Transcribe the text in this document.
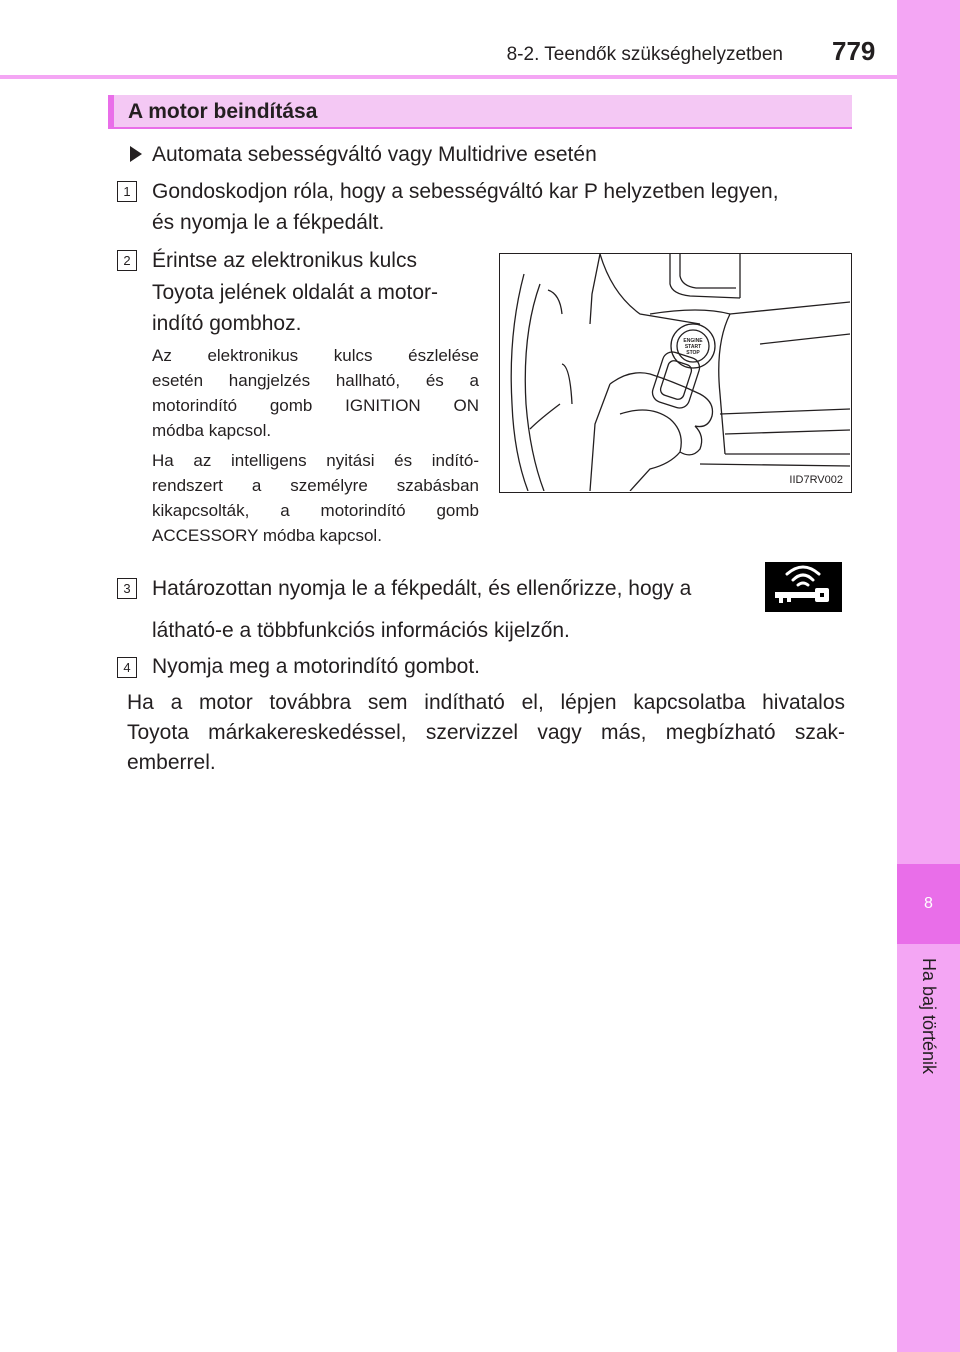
8
Ha baj történik
8-2. Teendők szükséghelyzetben 779
A motor beindítása
Automata sebességváltó vagy Multidrive esetén
1	Gondoskodjon róla, hogy a sebességváltó kar P helyzetben legyen,
és nyomja le a fékpedált.
2	Érintse az elektronikus kulcs
Toyota jelének oldalát a motor-
indító gombhoz.
Az elektronikus kulcs észlelése
esetén hangjelzés hallható, és a
motorindító gomb IGNITION ON
módba kapcsol.
Ha az intelligens nyitási és indító-
rendszert a személyre szabásban
kikapcsolták, a motorindító gomb
ACCESSORY módba kapcsol.
ENGINE
START
STOP
IID7RV002
3	Határozottan nyomja le a fékpedált, és ellenőrizze, hogy a
látható-e a többfunkciós információs kijelzőn.
4	Nyomja meg a motorindító gombot.
Ha a motor továbbra sem indítható el, lépjen kapcsolatba hivatalos
Toyota márkakereskedéssel, szervizzel vagy más, megbízható szak-
emberrel.
